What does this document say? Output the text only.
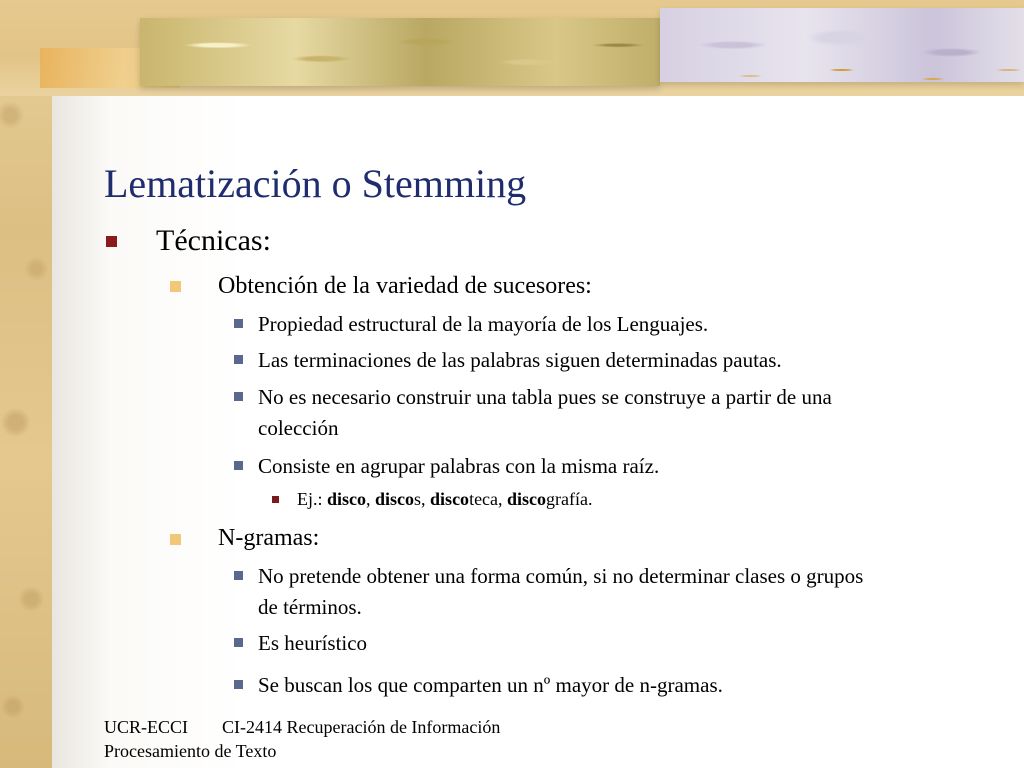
Lematización o Stemming
Técnicas:
Obtención de la variedad de sucesores:
Propiedad estructural de la mayoría de los Lenguajes.
Las terminaciones de las palabras siguen determinadas pautas.
No es necesario construir una tabla pues se construye a partir de una
colección
Consiste en agrupar palabras con la misma raíz.
Ej.: disco, discos, discoteca, discografía.
N-gramas:
No pretende obtener una forma común, si no determinar clases o grupos
de términos.
Es heurístico
Se buscan los que comparten un nº mayor de n-gramas.
UCR-ECCI CI-2414 Recuperación de Información
Procesamiento de Texto
